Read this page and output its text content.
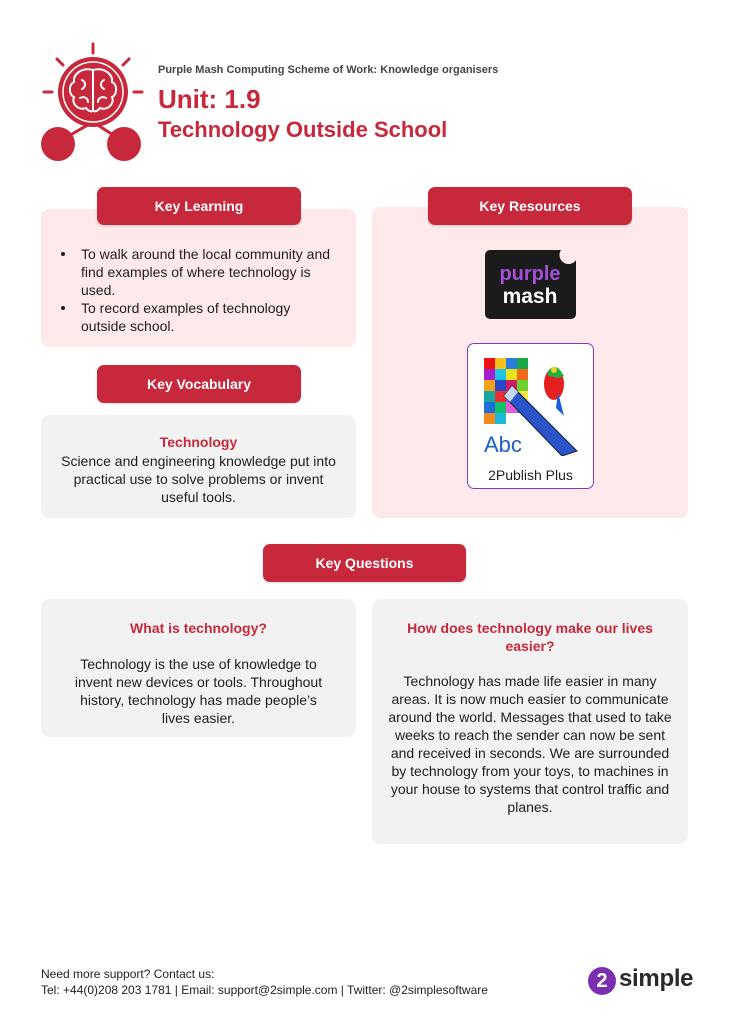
Purple Mash Computing Scheme of Work: Knowledge organisers
Unit: 1.9
Technology Outside School
Key Learning
To walk around the local community and find examples of where technology is used.
To record examples of technology outside school.
Key Vocabulary
Technology
Science and engineering knowledge put into practical use to solve problems or invent useful tools.
Key Resources
purple
mash
Abc
2Publish Plus
Key Questions
What is technology?
Technology is the use of knowledge to invent new devices or tools. Throughout history, technology has made people’s lives easier.
How does technology make our lives easier?
Technology has made life easier in many areas. It is now much easier to communicate around the world. Messages that used to take weeks to reach the sender can now be sent and received in seconds. We are surrounded by technology from your toys, to machines in your house to systems that control traffic and planes.
Need more support? Contact us:
Tel: +44(0)208 203 1781 | Email: support@2simple.com | Twitter: @2simplesoftware	2 simple
